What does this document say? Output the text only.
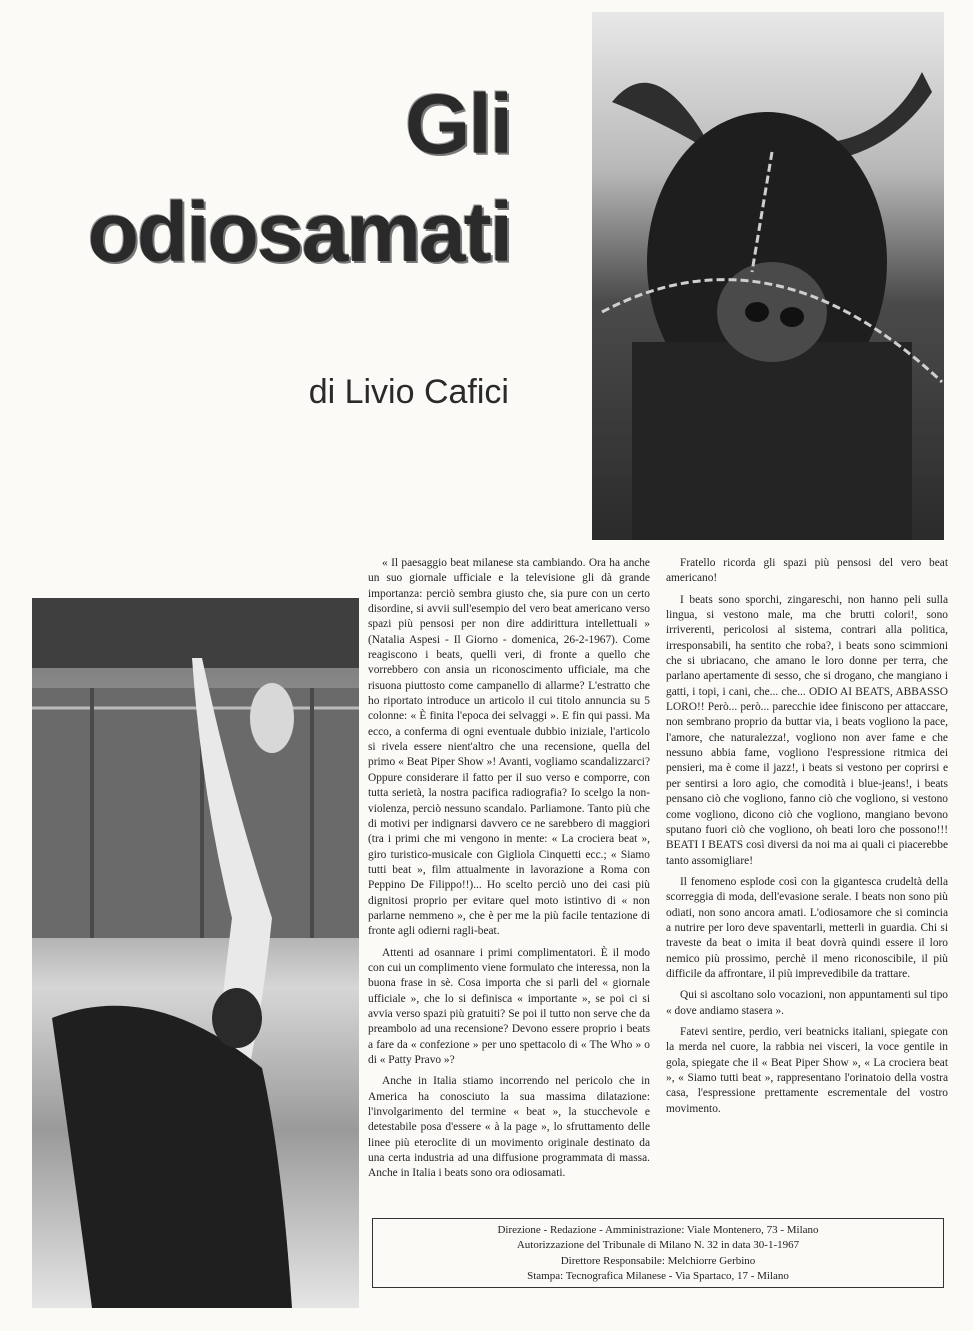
Gli
odiosamati

di Livio Cafici

« Il paesaggio beat milanese sta cambiando. Ora ha anche un suo giornale ufficiale e la televisione gli dà grande importanza: perciò sembra giusto che, sia pure con un certo disordine, si avvii sull'esempio del vero beat americano verso spazi più pensosi per non dire addirittura intellettuali » (Natalia Aspesi - Il Giorno - domenica, 26-2-1967). Come reagiscono i beats, quelli veri, di fronte a quello che vorrebbero con ansia un riconoscimento ufficiale, ma che risuona piuttosto come campanello di allarme? L'estratto che ho riportato introduce un articolo il cui titolo annuncia su 5 colonne: « È finita l'epoca dei selvaggi ». E fin qui passi. Ma ecco, a conferma di ogni eventuale dubbio iniziale, l'articolo si rivela essere nient'altro che una recensione, quella del primo « Beat Piper Show »! Avanti, vogliamo scandalizzarci? Oppure considerare il fatto per il suo verso e comporre, con tutta serietà, la nostra pacifica radiografia? Io scelgo la non-violenza, perciò nessuno scandalo. Parliamone. Tanto più che di motivi per indignarsi davvero ce ne sarebbero di maggiori (tra i primi che mi vengono in mente: « La crociera beat », giro turistico-musicale con Gigliola Cinquetti ecc.; « Siamo tutti beat », film attualmente in lavorazione a Roma con Peppino De Filippo!!)... Ho scelto perciò uno dei casi più dignitosi proprio per evitare quel moto istintivo di « non parlarne nemmeno », che è per me la più facile tentazione di fronte agli odierni ragli-beat.

Attenti ad osannare i primi complimentatori. È il modo con cui un complimento viene formulato che interessa, non la buona frase in sè. Cosa importa che si parli del « giornale ufficiale », che lo si definisca « importante », se poi ci si avvia verso spazi più gratuiti? Se poi il tutto non serve che da preambolo ad una recensione? Devono essere proprio i beats a fare da « confezione » per uno spettacolo di « The Who » o di « Patty Pravo »?

Anche in Italia stiamo incorrendo nel pericolo che in America ha conosciuto la sua massima dilatazione: l'involgarimento del termine « beat », la stucchevole e detestabile posa d'essere « à la page », lo sfruttamento delle linee più eteroclite di un movimento originale destinato da una certa industria ad una diffusione programmata di massa. Anche in Italia i beats sono ora odiosamati.

Fratello ricorda gli spazi più pensosi del vero beat americano!

I beats sono sporchi, zingareschi, non hanno peli sulla lingua, si vestono male, ma che brutti colori!, sono irriverenti, pericolosi al sistema, contrari alla politica, irresponsabili, ha sentito che roba?, i beats sono scimmioni che si ubriacano, che amano le loro donne per terra, che parlano apertamente di sesso, che si drogano, che mangiano i gatti, i topi, i cani, che... che... ODIO AI BEATS, ABBASSO LORO!! Però... però... parecchie idee finiscono per attaccare, non sembrano proprio da buttar via, i beats vogliono la pace, l'amore, che naturalezza!, vogliono non aver fame e che nessuno abbia fame, vogliono l'espressione ritmica dei pensieri, ma è come il jazz!, i beats si vestono per coprirsi e per sentirsi a loro agio, che comodità i blue-jeans!, i beats pensano ciò che vogliono, fanno ciò che vogliono, si vestono come vogliono, dicono ciò che vogliono, mangiano bevono sputano fuori ciò che vogliono, oh beati loro che possono!!! BEATI I BEATS così diversi da noi ma ai quali ci piacerebbe tanto assomigliare!

Il fenomeno esplode così con la gigantesca crudeltà della scorreggia di moda, dell'evasione serale. I beats non sono più odiati, non sono ancora amati. L'odiosamore che si comincia a nutrire per loro deve spaventarli, metterli in guardia. Chi si traveste da beat o imita il beat dovrà quindi essere il loro nemico più prossimo, perchè il meno riconoscibile, il più difficile da affrontare, il più imprevedibile da trattare.

Qui si ascoltano solo vocazioni, non appuntamenti sul tipo « dove andiamo stasera ».

Fatevi sentire, perdio, veri beatnicks italiani, spiegate con la merda nel cuore, la rabbia nei visceri, la voce gentile in gola, spiegate che il « Beat Piper Show », « La crociera beat », « Siamo tutti beat », rappresentano l'orinatoio della vostra casa, l'espressione prettamente escrementale del vostro movimento.

Direzione - Redazione - Amministrazione: Viale Montenero, 73 - Milano
Autorizzazione del Tribunale di Milano N. 32 in data 30-1-1967
Direttore Responsabile: Melchiorre Gerbino
Stampa: Tecnografica Milanese - Via Spartaco, 17 - Milano
